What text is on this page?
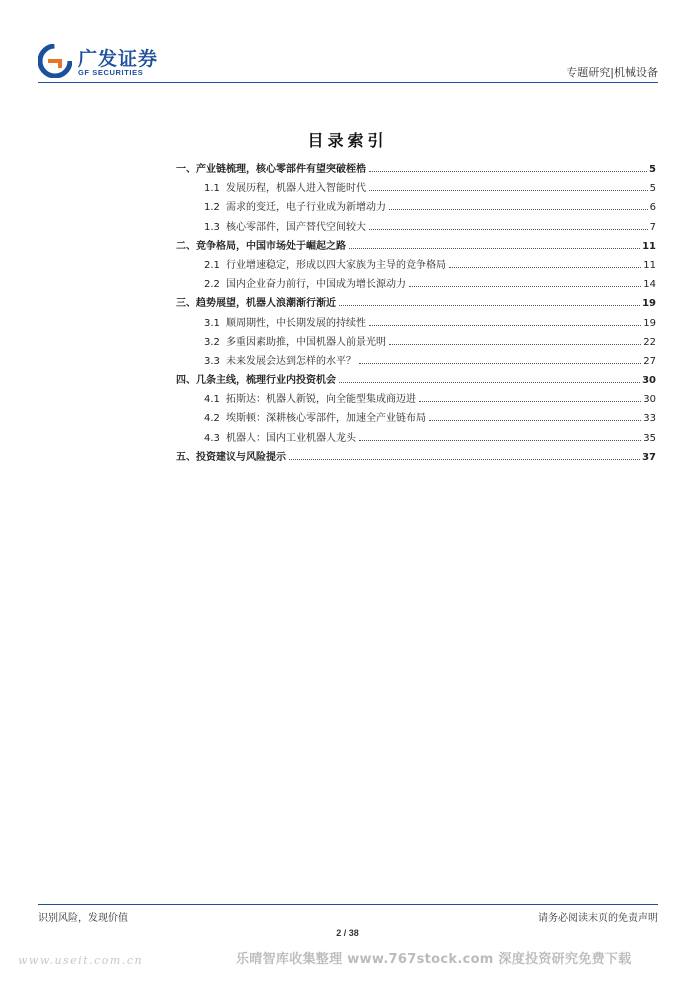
广发证券
GF SECURITIES	专题研究|机械设备
目录索引
一、产业链梳理，核心零部件有望突破桎梏	5
1.1 发展历程，机器人进入智能时代	5
1.2 需求的变迁，电子行业成为新增动力	6
1.3 核心零部件，国产替代空间较大	7
二、竞争格局，中国市场处于崛起之路	11
2.1 行业增速稳定，形成以四大家族为主导的竞争格局	11
2.2 国内企业奋力前行，中国成为增长源动力	14
三、趋势展望，机器人浪潮渐行渐近	19
3.1 顺周期性，中长期发展的持续性	19
3.2 多重因素助推，中国机器人前景光明	22
3.3 未来发展会达到怎样的水平？	27
四、几条主线，梳理行业内投资机会	30
4.1 拓斯达：机器人新锐，向全能型集成商迈进	30
4.2 埃斯顿：深耕核心零部件，加速全产业链布局	33
4.3 机器人：国内工业机器人龙头	35
五、投资建议与风险提示	37
识别风险，发现价值	请务必阅读末页的免责声明
2 / 38
www.useit.com.cn	乐晴智库收集整理 www.767stock.com 深度投资研究免费下载
